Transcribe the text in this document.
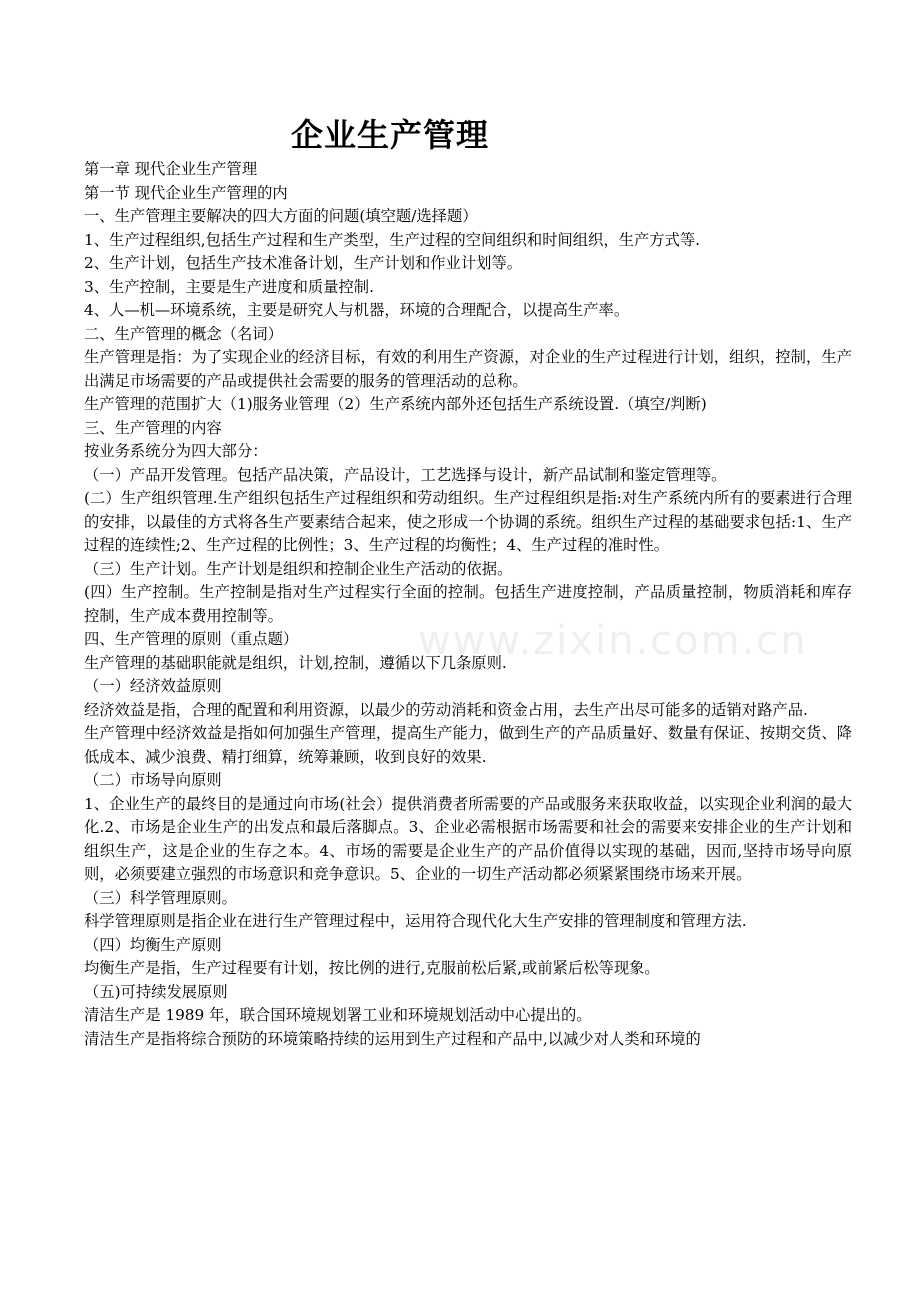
企业生产管理
www.zixin.com.cn

第一章 现代企业生产管理

第一节 现代企业生产管理的内

一、生产管理主要解决的四大方面的问题(填空题/选择题）

1、生产过程组织,包括生产过程和生产类型，生产过程的空间组织和时间组织，生产方式等.

2、生产计划，包括生产技术准备计划，生产计划和作业计划等。

3、生产控制，主要是生产进度和质量控制.

4、人—机—环境系统，主要是研究人与机器，环境的合理配合，以提高生产率。

二、生产管理的概念（名词）

生产管理是指：为了实现企业的经济目标，有效的利用生产资源，对企业的生产过程进行计划，组织，控制，生产出满足市场需要的产品或提供社会需要的服务的管理活动的总称。

生产管理的范围扩大（1)服务业管理（2）生产系统内部外还包括生产系统设置.（填空/判断)

三、生产管理的内容

按业务系统分为四大部分：

（一）产品开发管理。包括产品决策，产品设计，工艺选择与设计，新产品试制和鉴定管理等。

(二）生产组织管理.生产组织包括生产过程组织和劳动组织。生产过程组织是指:对生产系统内所有的要素进行合理的安排，以最佳的方式将各生产要素结合起来，使之形成一个协调的系统。组织生产过程的基础要求包括:1、生产过程的连续性;2、生产过程的比例性；3、生产过程的均衡性；4、生产过程的准时性。

（三）生产计划。生产计划是组织和控制企业生产活动的依据。

(四）生产控制。生产控制是指对生产过程实行全面的控制。包括生产进度控制，产品质量控制，物质消耗和库存控制，生产成本费用控制等。

四、生产管理的原则（重点题）

生产管理的基础职能就是组织，计划,控制，遵循以下几条原则.

（一）经济效益原则

经济效益是指，合理的配置和利用资源，以最少的劳动消耗和资金占用，去生产出尽可能多的适销对路产品.

生产管理中经济效益是指如何加强生产管理，提高生产能力，做到生产的产品质量好、数量有保证、按期交货、降低成本、减少浪费、精打细算，统筹兼顾，收到良好的效果.

（二）市场导向原则

1、企业生产的最终目的是通过向市场(社会）提供消费者所需要的产品或服务来获取收益，以实现企业利润的最大化.2、市场是企业生产的出发点和最后落脚点。3、企业必需根据市场需要和社会的需要来安排企业的生产计划和组织生产，这是企业的生存之本。4、市场的需要是企业生产的产品价值得以实现的基础，因而,坚持市场导向原则，必须要建立强烈的市场意识和竞争意识。5、企业的一切生产活动都必须紧紧围绕市场来开展。

（三）科学管理原则。

科学管理原则是指企业在进行生产管理过程中，运用符合现代化大生产安排的管理制度和管理方法.

（四）均衡生产原则

均衡生产是指，生产过程要有计划，按比例的进行,克服前松后紧,或前紧后松等现象。

（五)可持续发展原则

清洁生产是 1989 年，联合国环境规划署工业和环境规划活动中心提出的。

清洁生产是指将综合预防的环境策略持续的运用到生产过程和产品中,以减少对人类和环境的
